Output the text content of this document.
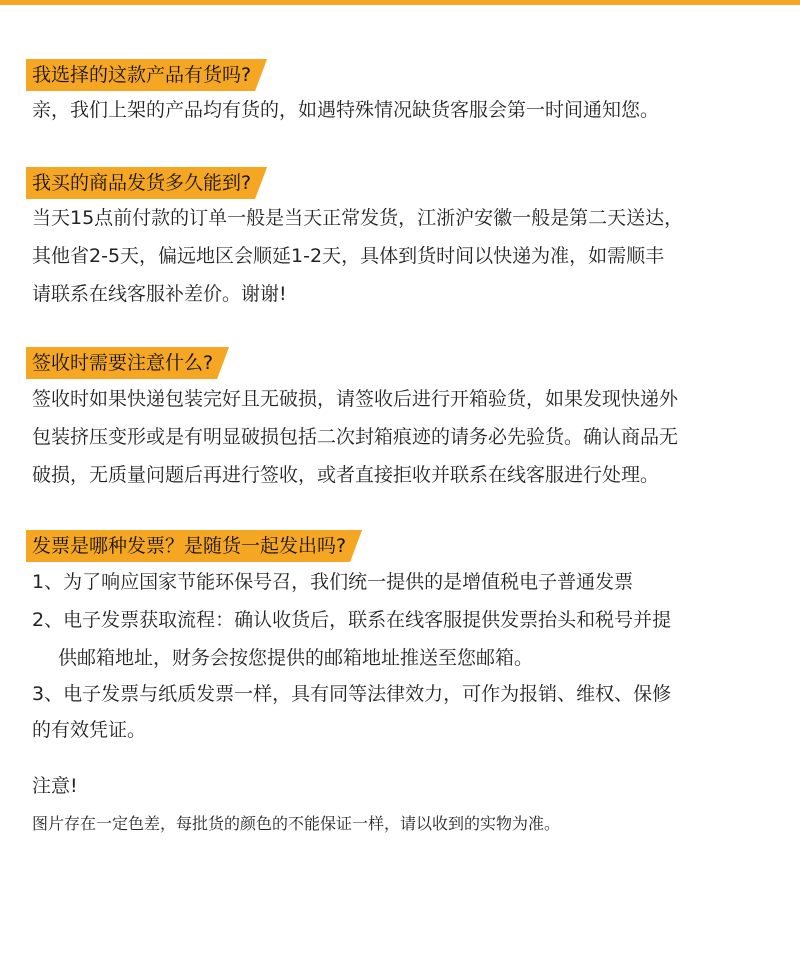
我选择的这款产品有货吗?
亲，我们上架的产品均有货的，如遇特殊情况缺货客服会第一时间通知您。
我买的商品发货多久能到?
当天15点前付款的订单一般是当天正常发货，江浙沪安徽一般是第二天送达，
其他省2-5天，偏远地区会顺延1-2天，具体到货时间以快递为准，如需顺丰
请联系在线客服补差价。谢谢!
签收时需要注意什么?
签收时如果快递包装完好且无破损，请签收后进行开箱验货，如果发现快递外
包装挤压变形或是有明显破损包括二次封箱痕迹的请务必先验货。确认商品无
破损，无质量问题后再进行签收，或者直接拒收并联系在线客服进行处理。
发票是哪种发票？是随货一起发出吗?
1、为了响应国家节能环保号召，我们统一提供的是增值税电子普通发票
2、电子发票获取流程：确认收货后，联系在线客服提供发票抬头和税号并提
供邮箱地址，财务会按您提供的邮箱地址推送至您邮箱。
3、电子发票与纸质发票一样，具有同等法律效力，可作为报销、维权、保修
的有效凭证。
注意!
图片存在一定色差，每批货的颜色的不能保证一样，请以收到的实物为准。
